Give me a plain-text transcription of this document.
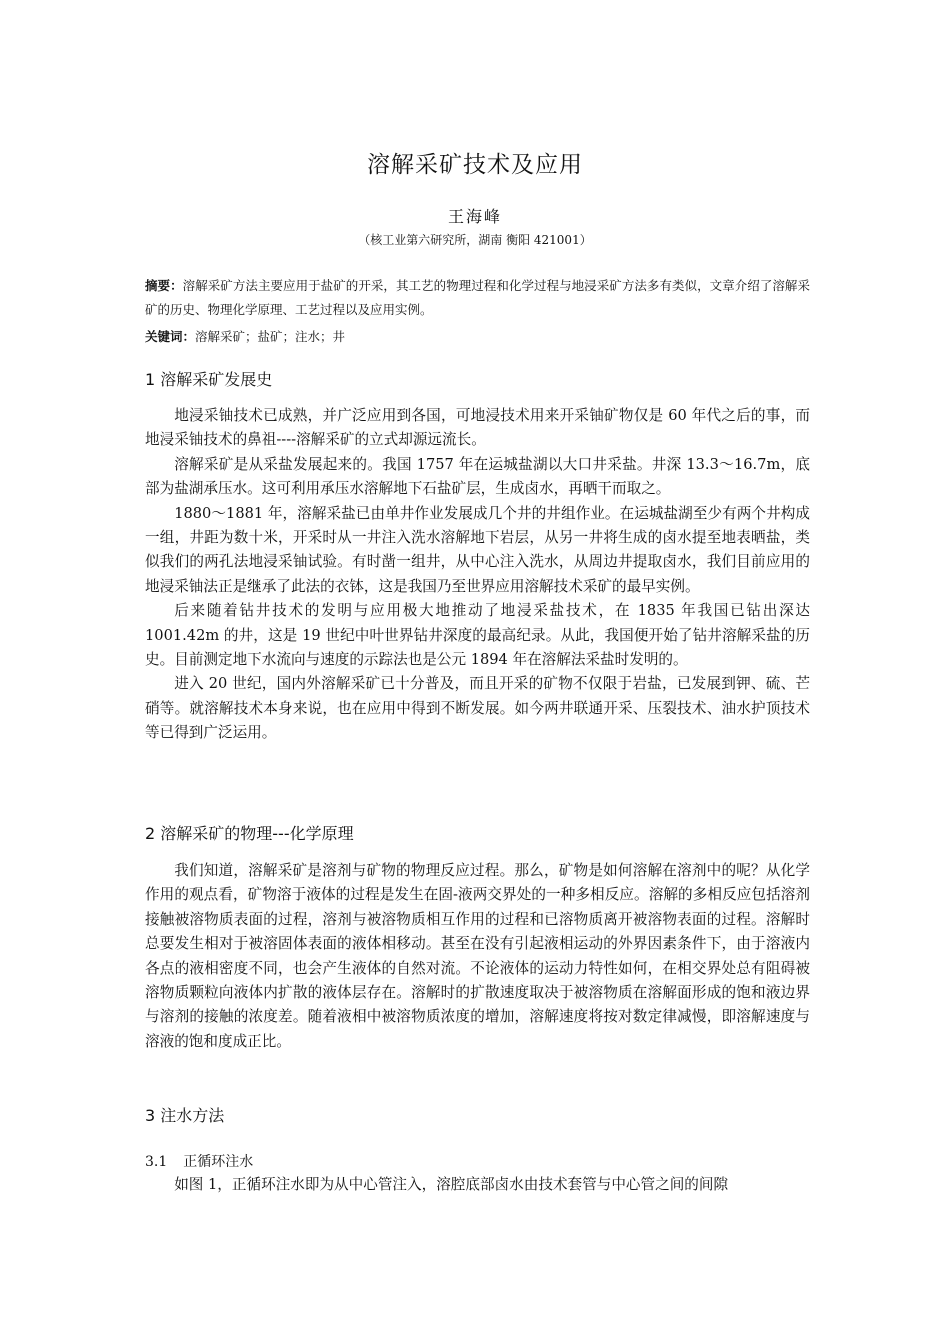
溶解采矿技术及应用
王海峰
（核工业第六研究所，湖南 衡阳 421001）
摘要：溶解采矿方法主要应用于盐矿的开采，其工艺的物理过程和化学过程与地浸采矿方法多有类似，文章介绍了溶解采矿的历史、物理化学原理、工艺过程以及应用实例。
关键词：溶解采矿；盐矿；注水；井
1 溶解采矿发展史

地浸采铀技术已成熟，并广泛应用到各国，可地浸技术用来开采铀矿物仅是 60 年代之后的事，而地浸采铀技术的鼻祖----溶解采矿的立式却源远流长。

溶解采矿是从采盐发展起来的。我国 1757 年在运城盐湖以大口井采盐。井深 13.3～16.7m，底部为盐湖承压水。这可利用承压水溶解地下石盐矿层，生成卤水，再晒干而取之。

1880～1881 年，溶解采盐已由单井作业发展成几个井的井组作业。在运城盐湖至少有两个井构成一组，井距为数十米，开采时从一井注入洗水溶解地下岩层，从另一井将生成的卤水提至地表晒盐，类似我们的两孔法地浸采铀试验。有时凿一组井，从中心注入洗水，从周边井提取卤水，我们目前应用的地浸采铀法正是继承了此法的衣钵，这是我国乃至世界应用溶解技术采矿的最早实例。

后来随着钻井技术的发明与应用极大地推动了地浸采盐技术，在 1835 年我国已钻出深达 1001.42m 的井，这是 19 世纪中叶世界钻井深度的最高纪录。从此，我国便开始了钻井溶解采盐的历史。目前测定地下水流向与速度的示踪法也是公元 1894 年在溶解法采盐时发明的。

进入 20 世纪，国内外溶解采矿已十分普及，而且开采的矿物不仅限于岩盐，已发展到钾、硫、芒硝等。就溶解技术本身来说，也在应用中得到不断发展。如今两井联通开采、压裂技术、油水护顶技术等已得到广泛运用。

2 溶解采矿的物理---化学原理

我们知道，溶解采矿是溶剂与矿物的物理反应过程。那么，矿物是如何溶解在溶剂中的呢？从化学作用的观点看，矿物溶于液体的过程是发生在固-液两交界处的一种多相反应。溶解的多相反应包括溶剂接触被溶物质表面的过程，溶剂与被溶物质相互作用的过程和已溶物质离开被溶物表面的过程。溶解时总要发生相对于被溶固体表面的液体相移动。甚至在没有引起液相运动的外界因素条件下，由于溶液内各点的液相密度不同，也会产生液体的自然对流。不论液体的运动力特性如何，在相交界处总有阻碍被溶物质颗粒向液体内扩散的液体层存在。溶解时的扩散速度取决于被溶物质在溶解面形成的饱和液边界与溶剂的接触的浓度差。随着液相中被溶物质浓度的增加，溶解速度将按对数定律减慢，即溶解速度与溶液的饱和度成正比。

3 注水方法
3.1 正循环注水

如图 1，正循环注水即为从中心管注入，溶腔底部卤水由技术套管与中心管之间的间隙
